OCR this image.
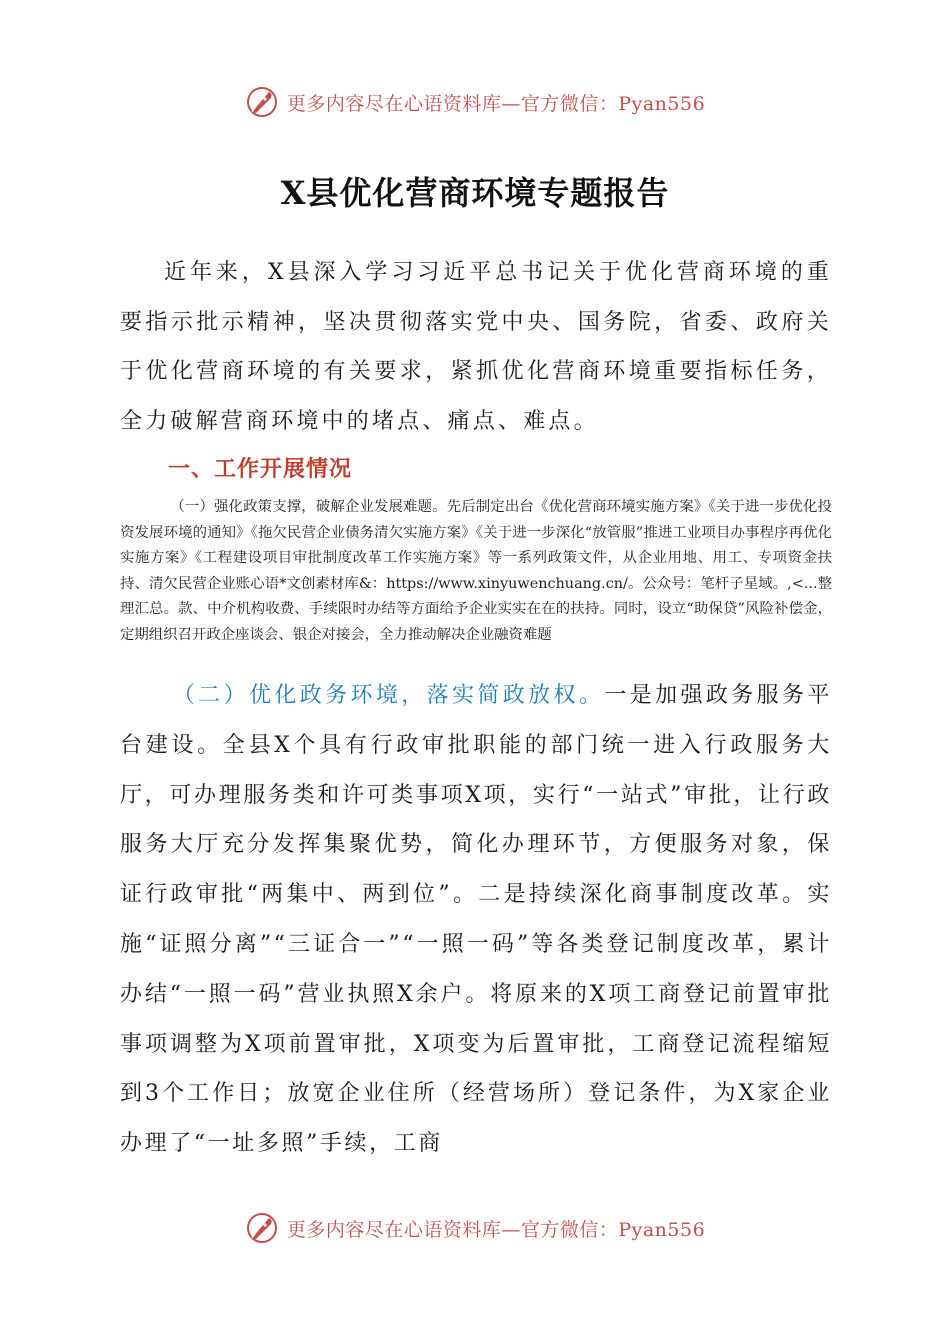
更多内容尽在心语资料库—官方微信：Pyan556
X县优化营商环境专题报告

近年来，X县深入学习习近平总书记关于优化营商环境的重要指示批示精神，坚决贯彻落实党中央、国务院，省委、政府关于优化营商环境的有关要求，紧抓优化营商环境重要指标任务，全力破解营商环境中的堵点、痛点、难点。

一、工作开展情况

（一）强化政策支撑，破解企业发展难题。先后制定出台《优化营商环境实施方案》《关于进一步优化投资发展环境的通知》《拖欠民营企业债务清欠实施方案》《关于进一步深化“放管服”推进工业项目办事程序再优化实施方案》《工程建设项目审批制度改革工作实施方案》等一系列政策文件，从企业用地、用工、专项资金扶持、清欠民营企业账心语*文创素材库&：https://www.xinyuwenchuang.cn/。公众号：笔杆子星域。,<...整理汇总。款、中介机构收费、手续限时办结等方面给予企业实实在在的扶持。同时，设立“助保贷”风险补偿金，定期组织召开政企座谈会、银企对接会，全力推动解决企业融资难题

（二）优化政务环境，落实简政放权。一是加强政务服务平台建设。全县X个具有行政审批职能的部门统一进入行政服务大厅，可办理服务类和许可类事项X项，实行“一站式”审批，让行政服务大厅充分发挥集聚优势，简化办理环节，方便服务对象，保证行政审批“两集中、两到位”。二是持续深化商事制度改革。实施“证照分离”“三证合一”“一照一码”等各类登记制度改革，累计办结“一照一码”营业执照X余户。将原来的X项工商登记前置审批事项调整为X项前置审批，X项变为后置审批，工商登记流程缩短到3个工作日；放宽企业住所（经营场所）登记条件，为X家企业办理了“一址多照”手续，工商

更多内容尽在心语资料库—官方微信：Pyan556
